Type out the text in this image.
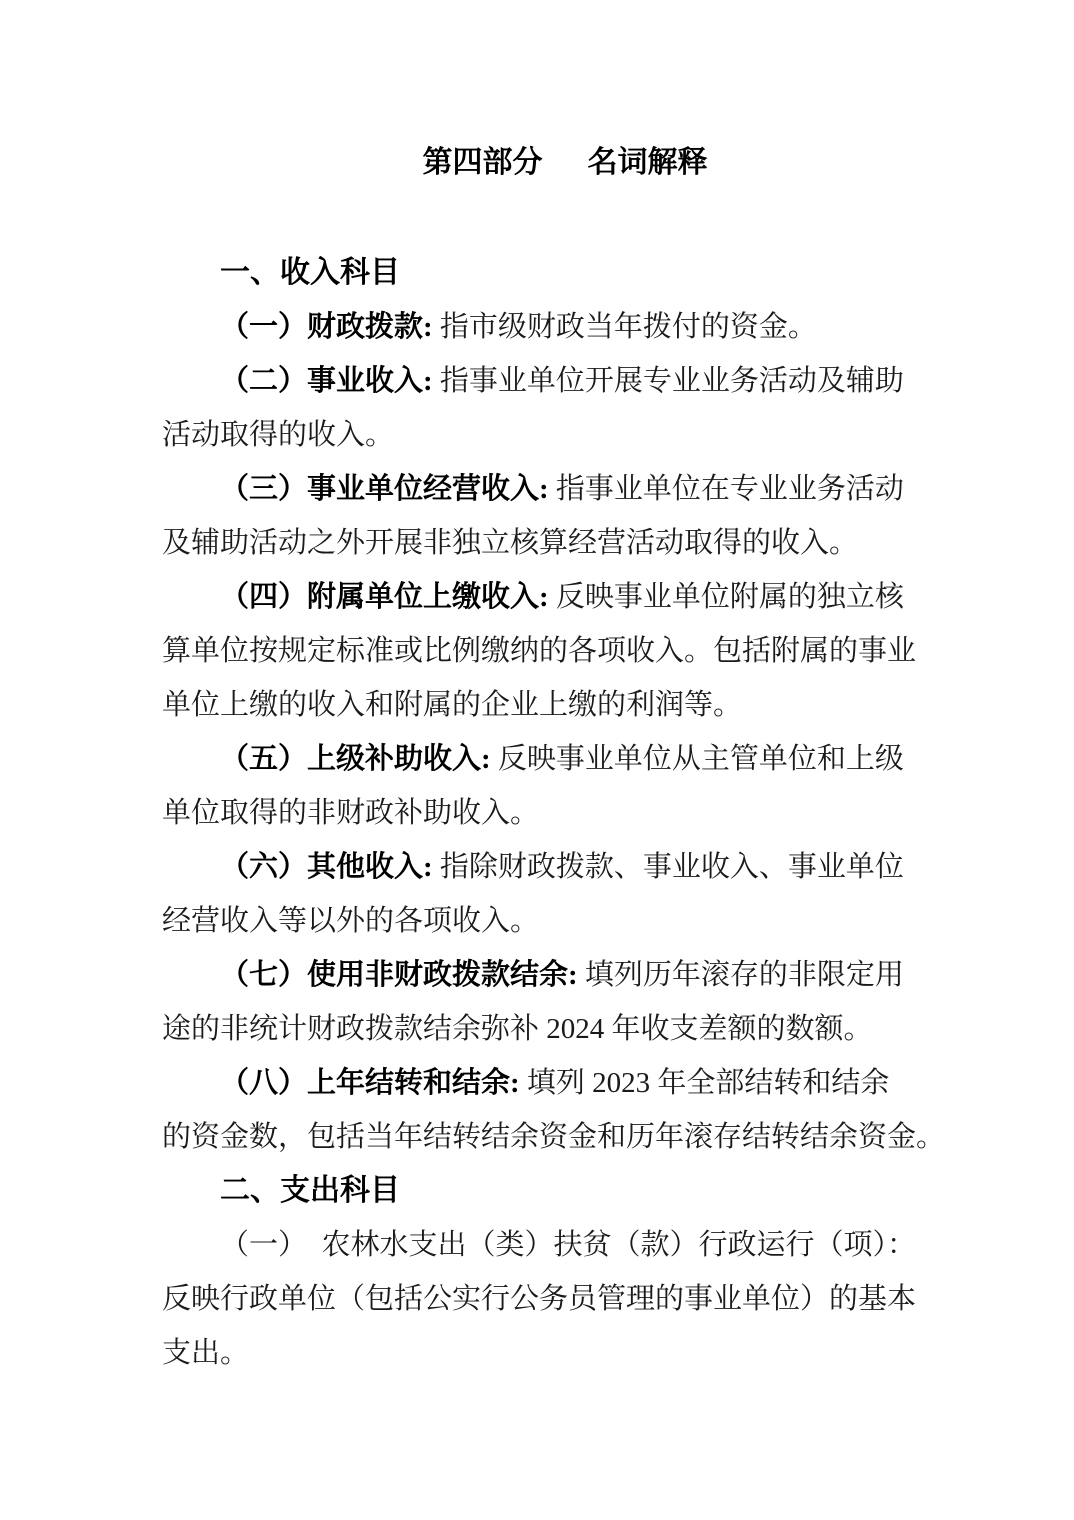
第四部分 名词解释
一、收入科目
（一）财政拨款: 指市级财政当年拨付的资金。
（二）事业收入: 指事业单位开展专业业务活动及辅助
活动取得的收入。
（三）事业单位经营收入: 指事业单位在专业业务活动
及辅助活动之外开展非独立核算经营活动取得的收入。
（四）附属单位上缴收入: 反映事业单位附属的独立核
算单位按规定标准或比例缴纳的各项收入。包括附属的事业
单位上缴的收入和附属的企业上缴的利润等。
（五）上级补助收入: 反映事业单位从主管单位和上级
单位取得的非财政补助收入。
（六）其他收入: 指除财政拨款、事业收入、事业单位
经营收入等以外的各项收入。
（七）使用非财政拨款结余: 填列历年滚存的非限定用
途的非统计财政拨款结余弥补 2024 年收支差额的数额。
（八）上年结转和结余: 填列 2023 年全部结转和结余
的资金数，包括当年结转结余资金和历年滚存结转结余资金。
二、支出科目
（一）　农林水支出（类）扶贫（款）行政运行（项）：
反映行政单位（包括公实行公务员管理的事业单位）的基本
支出。
